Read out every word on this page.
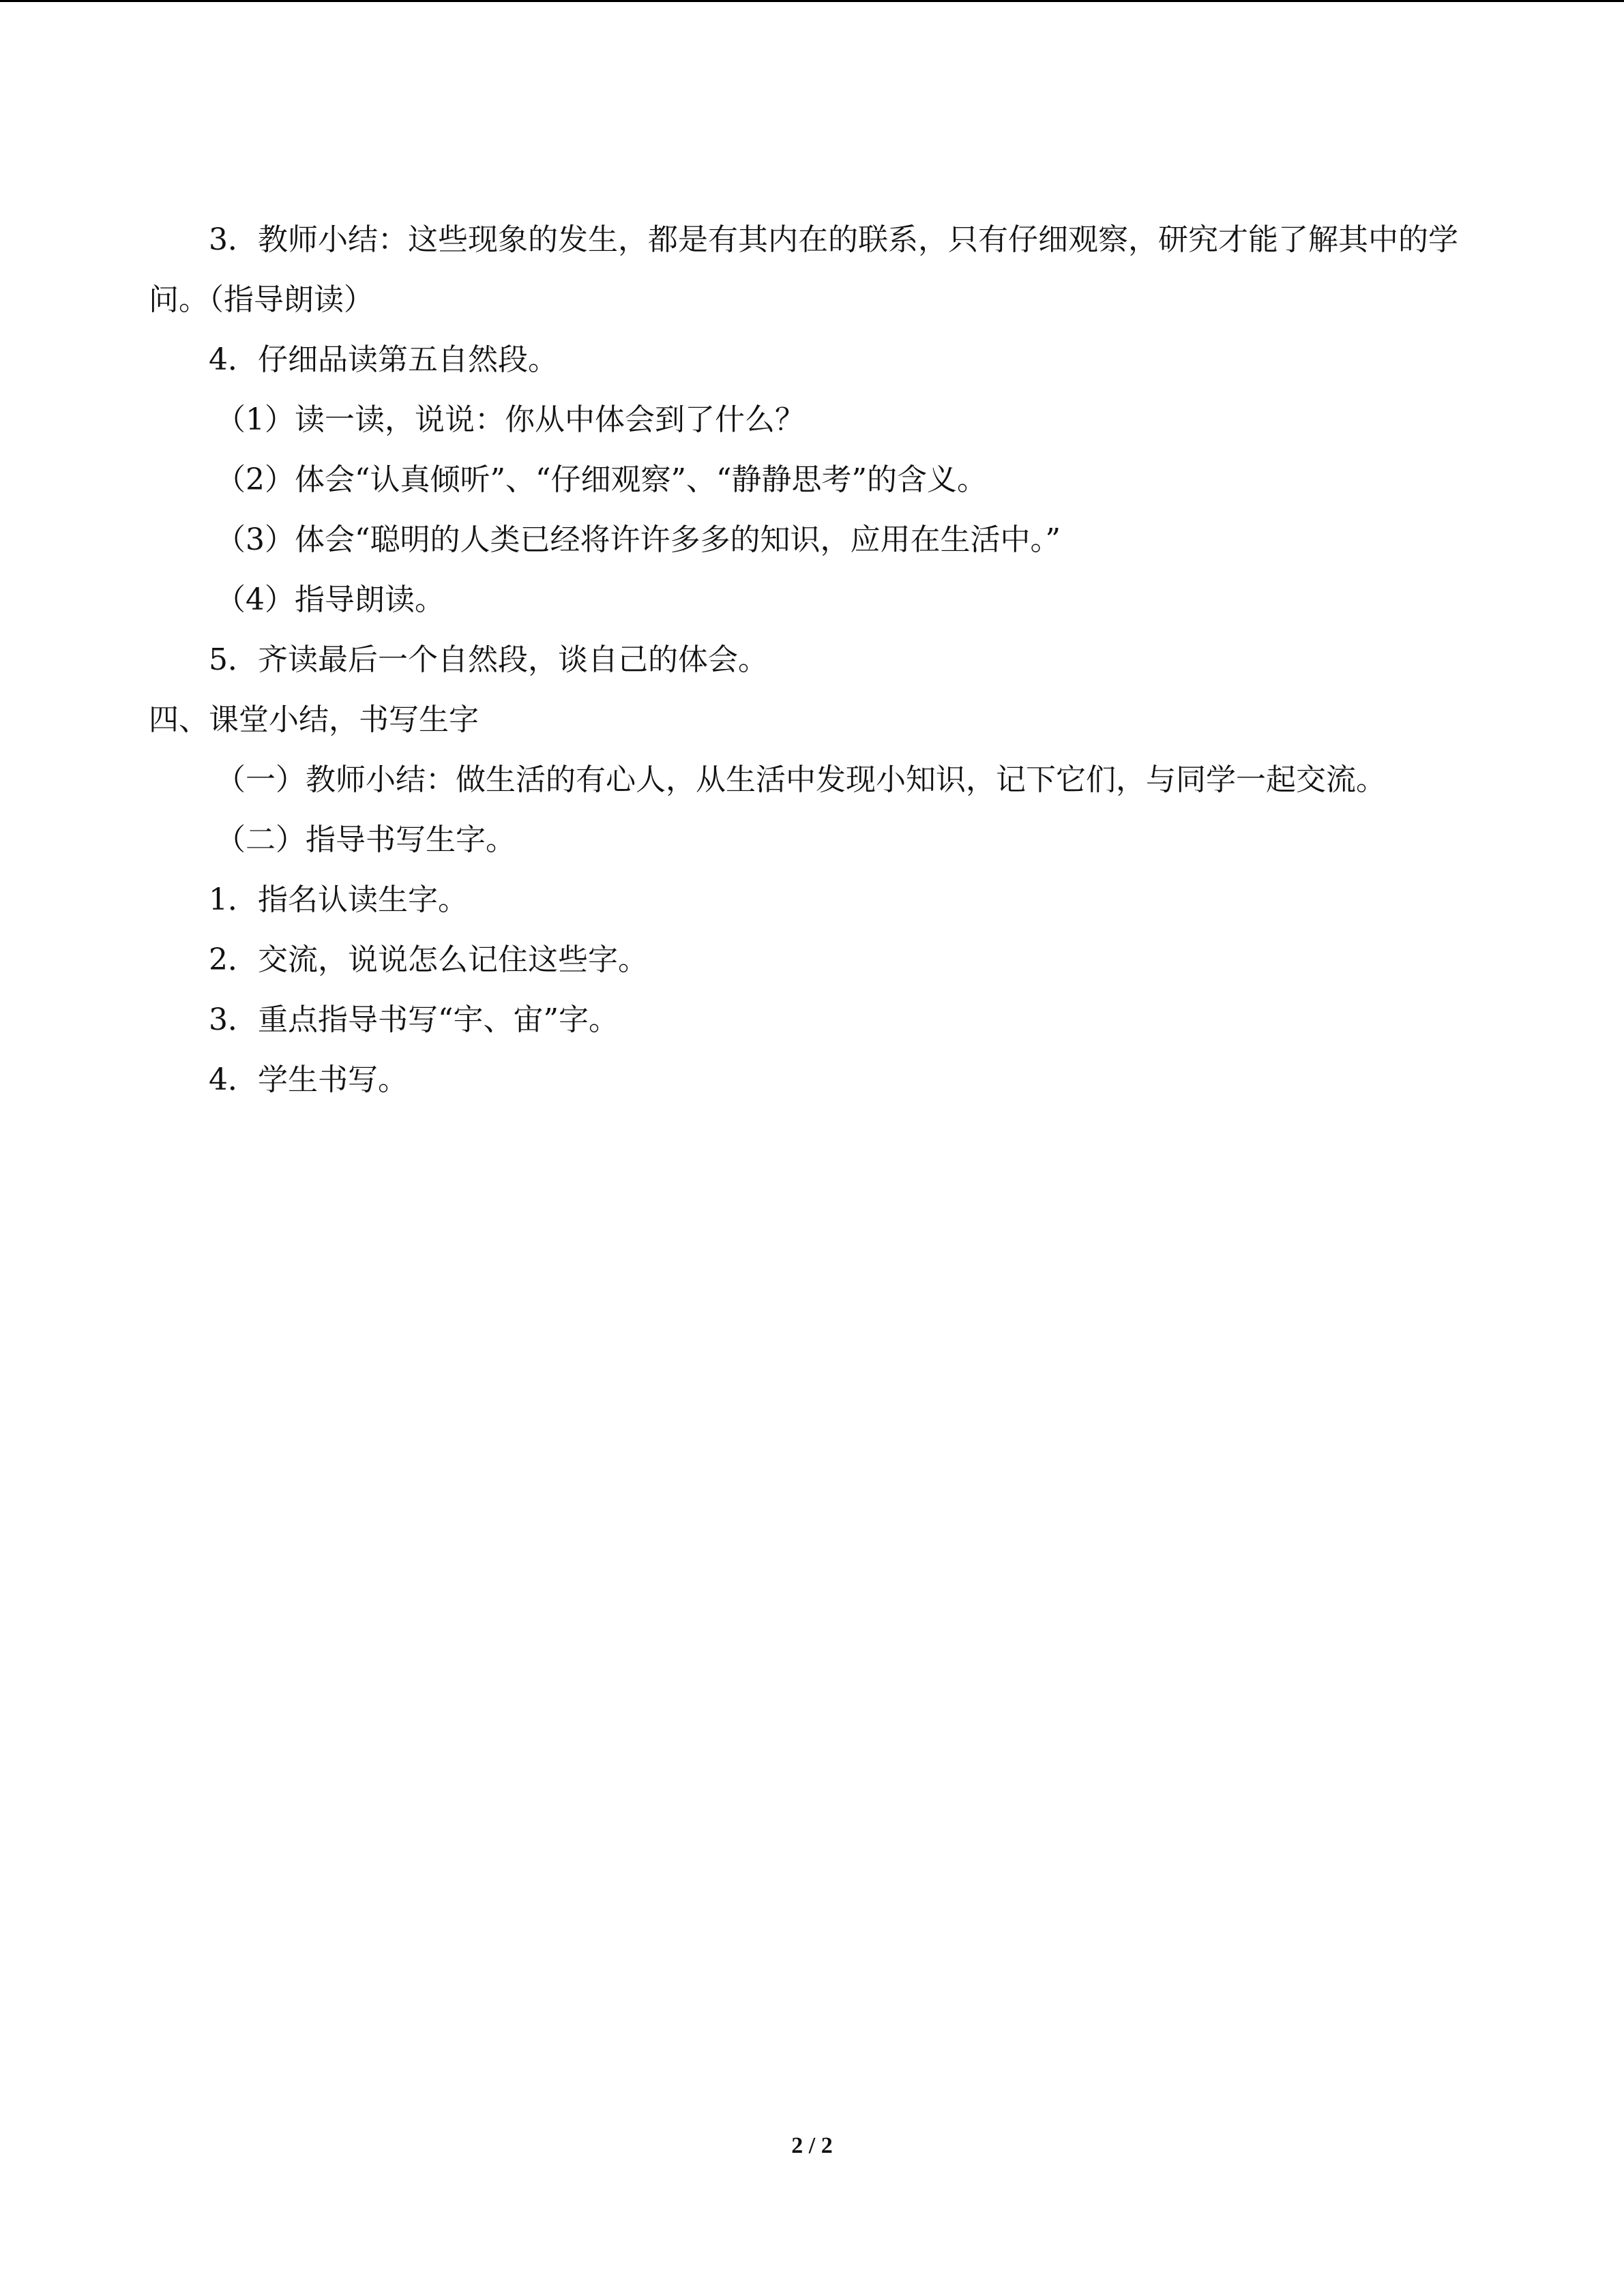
3．教师小结：这些现象的发生，都是有其内在的联系，只有仔细观察，研究才能了解其中的学问。（指导朗读）

4．仔细品读第五自然段。

（1）读一读，说说：你从中体会到了什么？

（2）体会“认真倾听”、“仔细观察”、“静静思考”的含义。

（3）体会“聪明的人类已经将许许多多的知识，应用在生活中。”

（4）指导朗读。

5．齐读最后一个自然段，谈自己的体会。

四、课堂小结，书写生字

（一）教师小结：做生活的有心人，从生活中发现小知识，记下它们，与同学一起交流。

（二）指导书写生字。

1．指名认读生字。

2．交流，说说怎么记住这些字。

3．重点指导书写“宇、宙”字。

4．学生书写。

2 / 2
